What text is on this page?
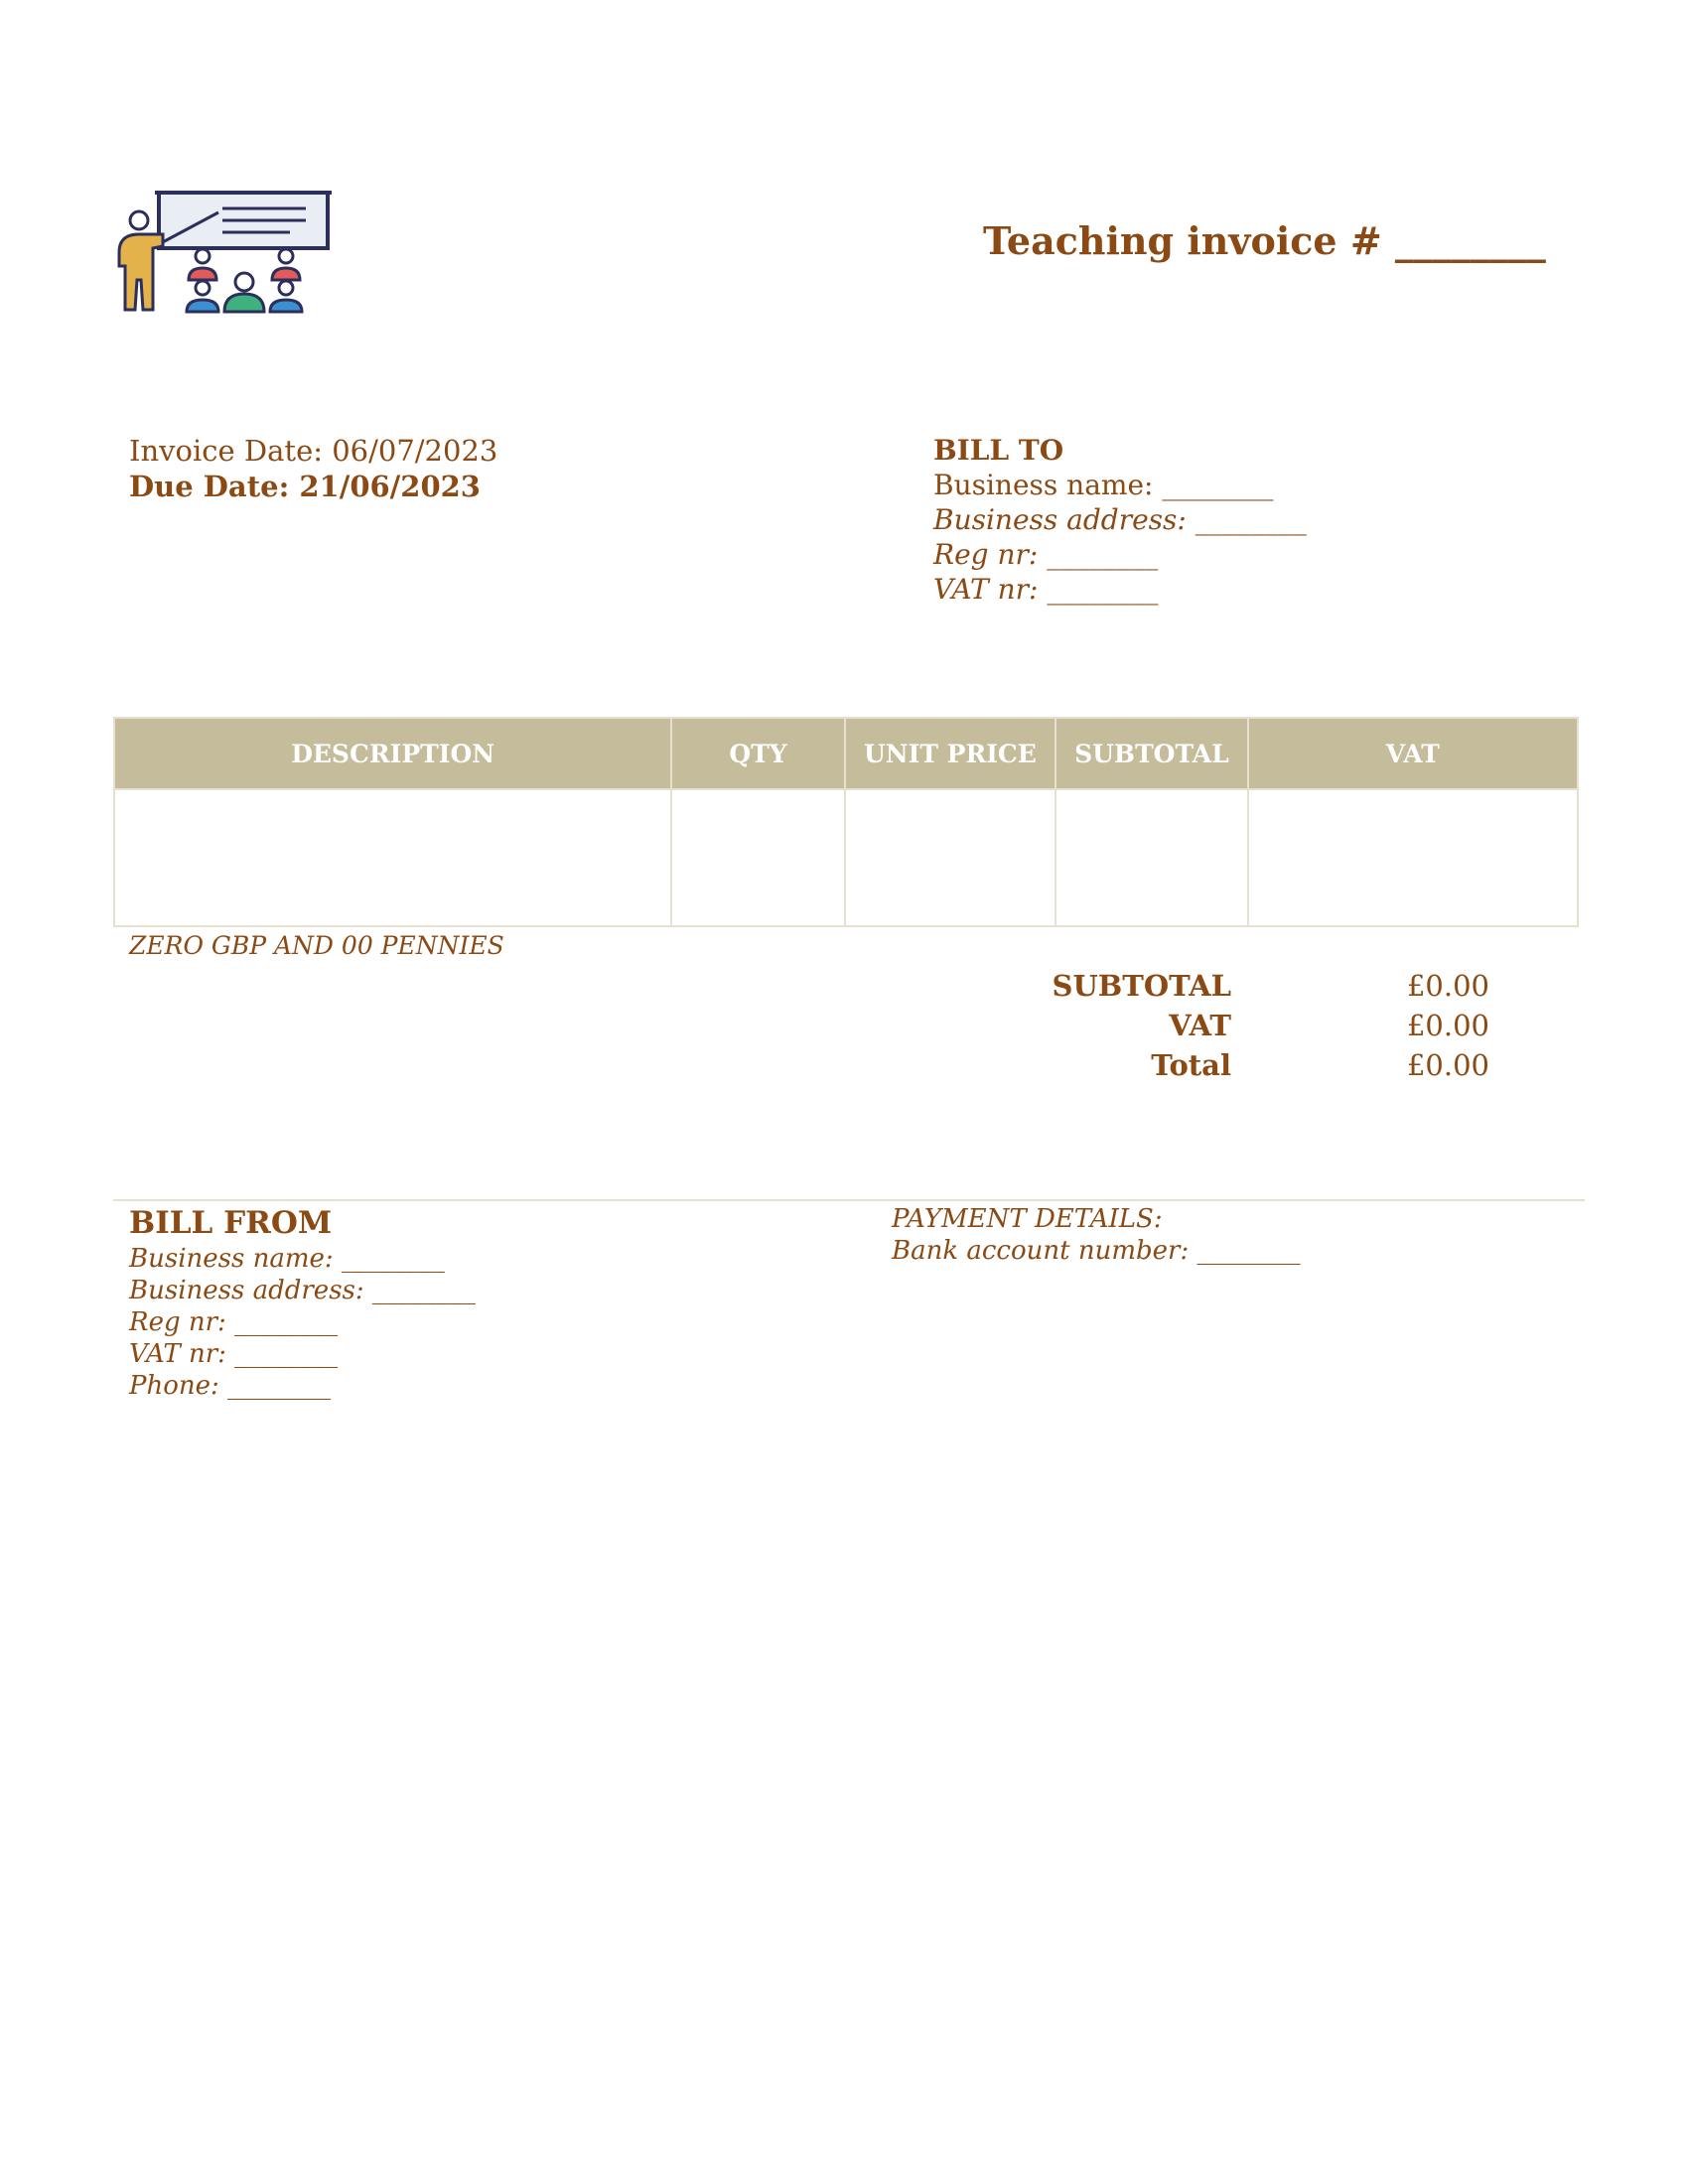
Teaching invoice # ________
Invoice Date: 06/07/2023
Due Date: 21/06/2023
BILL TO
Business name: ________
Business address: ________
Reg nr: ________
VAT nr: ________
DESCRIPTION	QTY	UNIT PRICE	SUBTOTAL	VAT

ZERO GBP AND 00 PENNIES
SUBTOTAL	£0.00
VAT	£0.00
Total	£0.00
BILL FROM
Business name: ________
Business address: ________
Reg nr: ________
VAT nr: ________
Phone: ________
PAYMENT DETAILS:
Bank account number: ________
